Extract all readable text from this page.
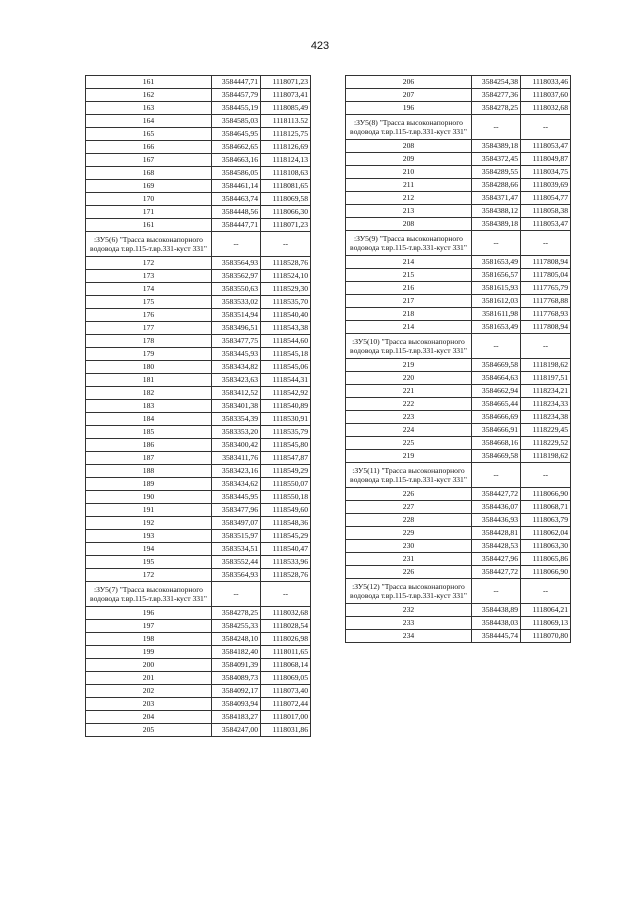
423
161	3584447,71	1118071,23
162	3584457,79	1118073,41
163	3584455,19	1118085,49
164	3584585,03	1118113.52
165	3584645,95	1118125,75
166	3584662,65	1118126,69
167	3584663,16	1118124,13
168	3584586,05	1118108,63
169	3584461,14	1118081,65
170	3584463,74	1118069,58
171	3584448,56	1118066,30
161	3584447,71	1118071,23
:ЗУ5(6) "Трасса высоконапорного водовода т.вр.115-т.вр.331-куст 331"	--	--
172	3583564,93	1118528,76
173	3583562,97	1118524,10
174	3583550,63	1118529,30
175	3583533,02	1118535,70
176	3583514,94	1118540,40
177	3583496,51	1118543,38
178	3583477,75	1118544,60
179	3583445,93	1118545,18
180	3583434,82	1118545,06
181	3583423,63	1118544,31
182	3583412,52	1118542,92
183	3583401,38	1118540,89
184	3583354,39	1118530,91
185	3583353,20	1118535,79
186	3583400,42	1118545,80
187	3583411,76	1118547,87
188	3583423,16	1118549,29
189	3583434,62	1118550,07
190	3583445,95	1118550,18
191	3583477,96	1118549,60
192	3583497,07	1118548,36
193	3583515,97	1118545,29
194	3583534,51	1118540,47
195	3583552,44	1118533,96
172	3583564,93	1118528,76
:ЗУ5(7) "Трасса высоконапорного водовода т.вр.115-т.вр.331-куст 331"	--	--
196	3584278,25	1118032,68
197	3584255,33	1118028,54
198	3584248,10	1118026,98
199	3584182,40	1118011,65
200	3584091,39	1118068,14
201	3584089,73	1118069,05
202	3584092,17	1118073,40
203	3584093,94	1118072,44
204	3584183,27	1118017,00
205	3584247,00	1118031,86
206	3584254,38	1118033,46
207	3584277,36	1118037,60
196	3584278,25	1118032,68
:ЗУ5(8) "Трасса высоконапорного водовода т.вр.115-т.вр.331-куст 331"	--	--
208	3584389,18	1118053,47
209	3584372,45	1118049,87
210	3584289,55	1118034,75
211	3584288,66	1118039,69
212	3584371,47	1118054,77
213	3584388,12	1118058,38
208	3584389,18	1118053,47
:ЗУ5(9) "Трасса высоконапорного водовода т.вр.115-т.вр.331-куст 331"	--	--
214	3581653,49	1117808,94
215	3581656,57	1117805,04
216	3581615,93	1117765,79
217	3581612,03	1117768,88
218	3581611,98	1117768,93
214	3581653,49	1117808,94
:ЗУ5(10) "Трасса высоконапорного водовода т.вр.115-т.вр.331-куст 331"	--	--
219	3584669,58	1118198,62
220	3584664,63	1118197,51
221	3584662,94	1118234,21
222	3584665,44	1118234,33
223	3584666,69	1118234,38
224	3584666,91	1118229,45
225	3584668,16	1118229,52
219	3584669,58	1118198,62
:ЗУ5(11) "Трасса высоконапорного водовода т.вр.115-т.вр.331-куст 331"	--	--
226	3584427,72	1118066,90
227	3584436,07	1118068,71
228	3584436,93	1118063,79
229	3584428,81	1118062,04
230	3584428,53	1118063,30
231	3584427,96	1118065,86
226	3584427,72	1118066,90
:ЗУ5(12) "Трасса высоконапорного водовода т.вр.115-т.вр.331-куст 331"	--	--
232	3584438,89	1118064,21
233	3584438,03	1118069,13
234	3584445,74	1118070,80
